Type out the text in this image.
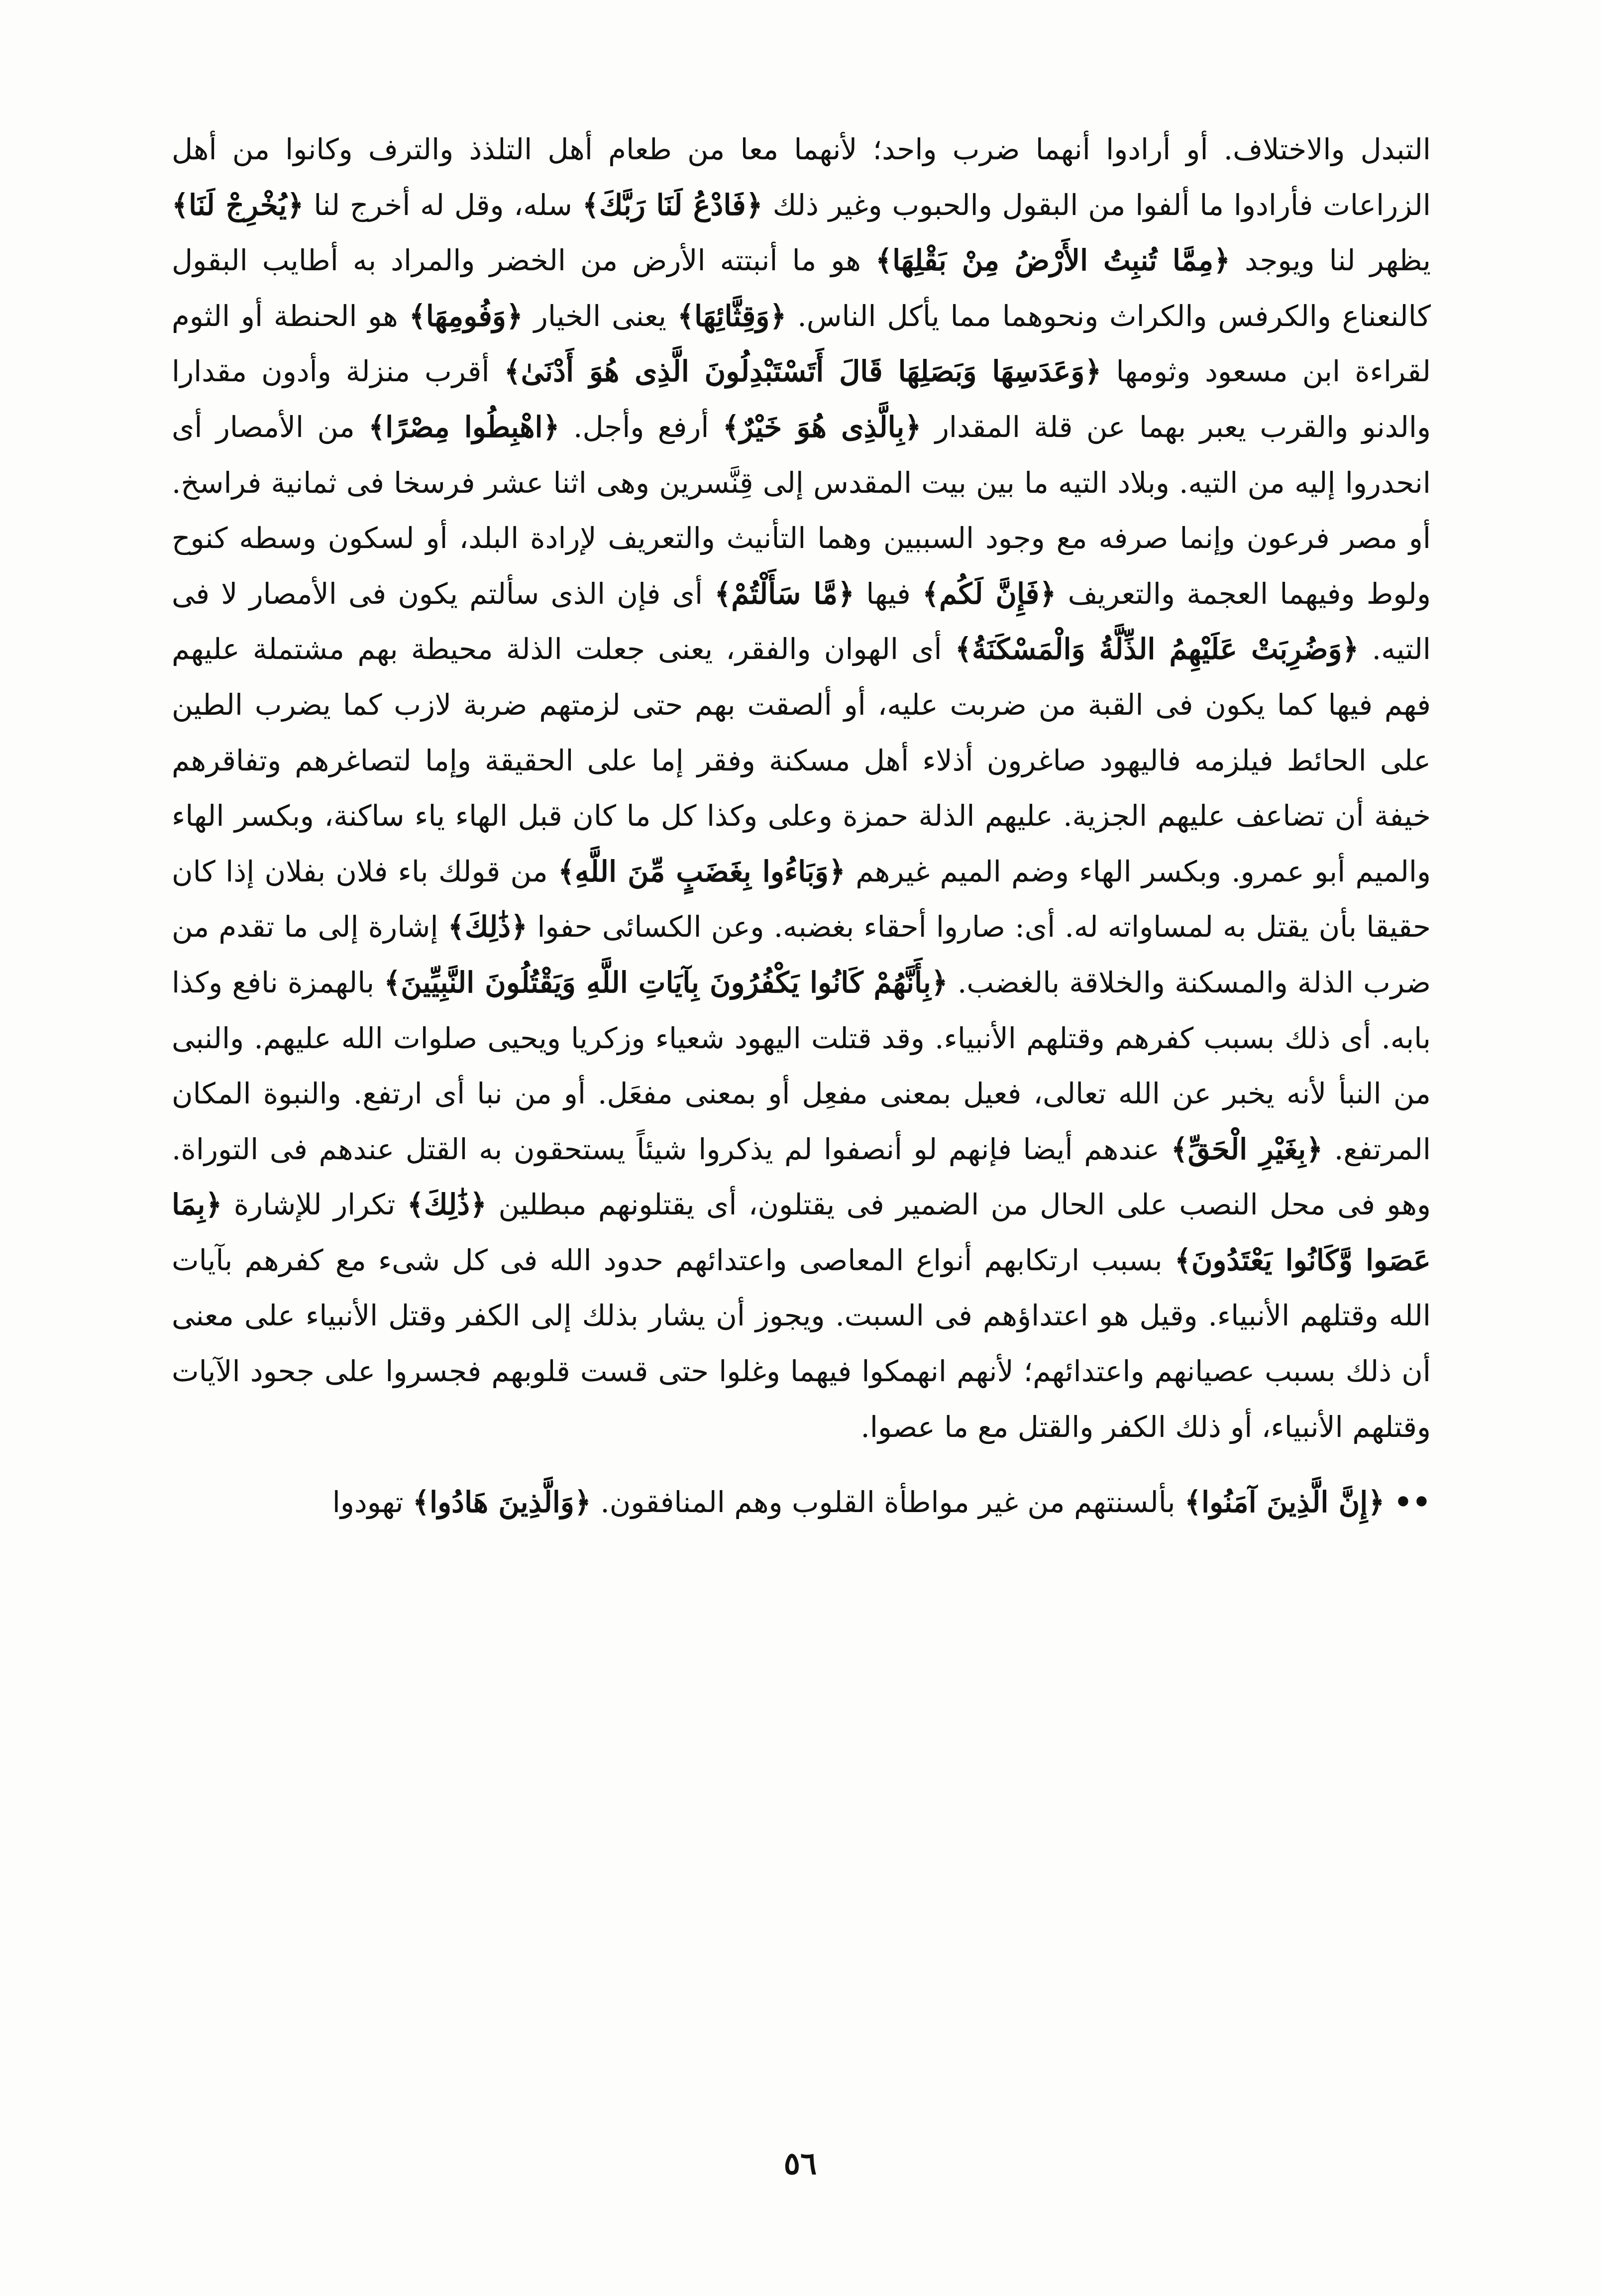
التبدل والاختلاف. أو أرادوا أنهما ضرب واحد؛ لأنهما معا من طعام أهل التلذذ والترف وكانوا من أهل الزراعات فأرادوا ما ألفوا من البقول والحبوب وغير ذلك ﴿فَادْعُ لَنَا رَبَّكَ﴾ سله، وقل له أخرج لنا ﴿يُخْرِجْ لَنَا﴾ يظهر لنا ويوجد ﴿مِمَّا تُنبِتُ الأَرْضُ مِنْ بَقْلِهَا﴾ هو ما أنبتته الأرض من الخضر والمراد به أطايب البقول كالنعناع والكرفس والكراث ونحوهما مما يأكل الناس. ﴿وَقِثَّائِهَا﴾ يعنى الخيار ﴿وَفُومِهَا﴾ هو الحنطة أو الثوم لقراءة ابن مسعود وثومها ﴿وَعَدَسِهَا وَبَصَلِهَا قَالَ أَتَسْتَبْدِلُونَ الَّذِى هُوَ أَدْنَىٰ﴾ أقرب منزلة وأدون مقدارا والدنو والقرب يعبر بهما عن قلة المقدار ﴿بِالَّذِى هُوَ خَيْرٌ﴾ أرفع وأجل. ﴿اهْبِطُوا مِصْرًا﴾ من الأمصار أى انحدروا إليه من التيه. وبلاد التيه ما بين بيت المقدس إلى قِنَّسرين وهى اثنا عشر فرسخا فى ثمانية فراسخ. أو مصر فرعون وإنما صرفه مع وجود السببين وهما التأنيث والتعريف لإرادة البلد، أو لسكون وسطه كنوح ولوط وفيهما العجمة والتعريف ﴿فَإِنَّ لَكُم﴾ فيها ﴿مَّا سَأَلْتُمْ﴾ أى فإن الذى سألتم يكون فى الأمصار لا فى التيه. ﴿وَضُرِبَتْ عَلَيْهِمُ الذِّلَّةُ وَالْمَسْكَنَةُ﴾ أى الهوان والفقر، يعنى جعلت الذلة محيطة بهم مشتملة عليهم فهم فيها كما يكون فى القبة من ضربت عليه، أو ألصقت بهم حتى لزمتهم ضربة لازب كما يضرب الطين على الحائط فيلزمه فاليهود صاغرون أذلاء أهل مسكنة وفقر إما على الحقيقة وإما لتصاغرهم وتفاقرهم خيفة أن تضاعف عليهم الجزية. عليهم الذلة حمزة وعلى وكذا كل ما كان قبل الهاء ياء ساكنة، وبكسر الهاء والميم أبو عمرو. وبكسر الهاء وضم الميم غيرهم ﴿وَبَاءُوا بِغَضَبٍ مِّنَ اللَّهِ﴾ من قولك باء فلان بفلان إذا كان حقيقا بأن يقتل به لمساواته له. أى: صاروا أحقاء بغضبه. وعن الكسائى حفوا ﴿ذَٰلِكَ﴾ إشارة إلى ما تقدم من ضرب الذلة والمسكنة والخلاقة بالغضب. ﴿بِأَنَّهُمْ كَانُوا يَكْفُرُونَ بِآيَاتِ اللَّهِ وَيَقْتُلُونَ النَّبِيِّينَ﴾ بالهمزة نافع وكذا بابه. أى ذلك بسبب كفرهم وقتلهم الأنبياء. وقد قتلت اليهود شعياء وزكريا ويحيى صلوات الله عليهم. والنبى من النبأ لأنه يخبر عن الله تعالى، فعيل بمعنى مفعِل أو بمعنى مفعَل. أو من نبا أى ارتفع. والنبوة المكان المرتفع. ﴿بِغَيْرِ الْحَقِّ﴾ عندهم أيضا فإنهم لو أنصفوا لم يذكروا شيئاً يستحقون به القتل عندهم فى التوراة. وهو فى محل النصب على الحال من الضمير فى يقتلون، أى يقتلونهم مبطلين ﴿ذَٰلِكَ﴾ تكرار للإشارة ﴿بِمَا عَصَوا وَّكَانُوا يَعْتَدُونَ﴾ بسبب ارتكابهم أنواع المعاصى واعتدائهم حدود الله فى كل شىء مع كفرهم بآيات الله وقتلهم الأنبياء. وقيل هو اعتداؤهم فى السبت. ويجوز أن يشار بذلك إلى الكفر وقتل الأنبياء على معنى أن ذلك بسبب عصيانهم واعتدائهم؛ لأنهم انهمكوا فيهما وغلوا حتى قست قلوبهم فجسروا على جحود الآيات وقتلهم الأنبياء، أو ذلك الكفر والقتل مع ما عصوا.

•• ﴿إِنَّ الَّذِينَ آمَنُوا﴾ بألسنتهم من غير مواطأة القلوب وهم المنافقون. ﴿وَالَّذِينَ هَادُوا﴾ تهودوا

٥٦
